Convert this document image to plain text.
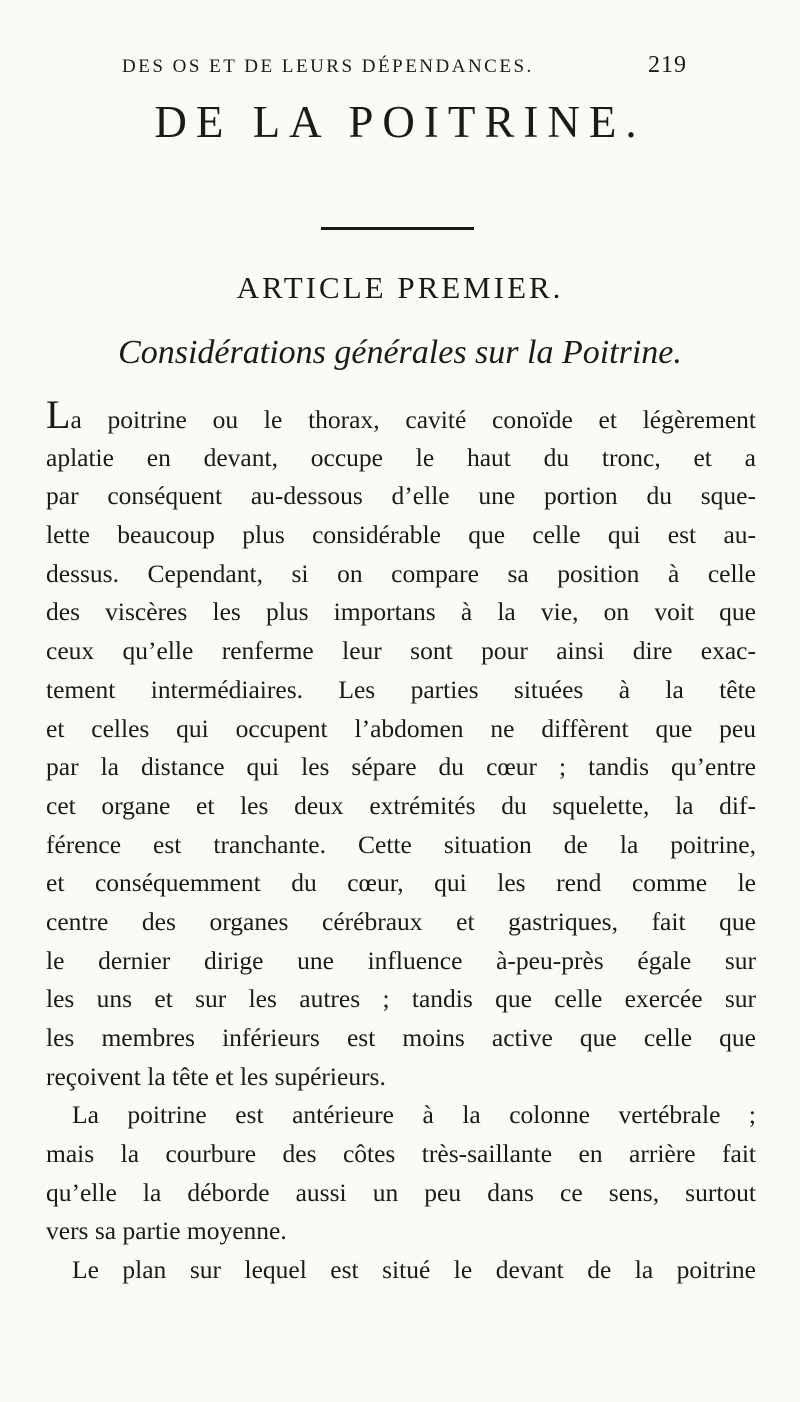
DES OS ET DE LEURS DÉPENDANCES.	219
DE LA POITRINE.
ARTICLE PREMIER.
Considérations générales sur la Poitrine.
La poitrine ou le thorax, cavité conoïde et légèrement
aplatie en devant, occupe le haut du tronc, et a
par conséquent au-dessous d’elle une portion du sque-
lette beaucoup plus considérable que celle qui est au-
dessus. Cependant, si on compare sa position à celle
des viscères les plus importans à la vie, on voit que
ceux qu’elle renferme leur sont pour ainsi dire exac-
tement intermédiaires. Les parties situées à la tête
et celles qui occupent l’abdomen ne diffèrent que peu
par la distance qui les sépare du cœur ; tandis qu’entre
cet organe et les deux extrémités du squelette, la dif-
férence est tranchante. Cette situation de la poitrine,
et conséquemment du cœur, qui les rend comme le
centre des organes cérébraux et gastriques, fait que
le dernier dirige une influence à-peu-près égale sur
les uns et sur les autres ; tandis que celle exercée sur
les membres inférieurs est moins active que celle que
reçoivent la tête et les supérieurs.
La poitrine est antérieure à la colonne vertébrale ;
mais la courbure des côtes très-saillante en arrière fait
qu’elle la déborde aussi un peu dans ce sens, surtout
vers sa partie moyenne.
Le plan sur lequel est situé le devant de la poitrine
